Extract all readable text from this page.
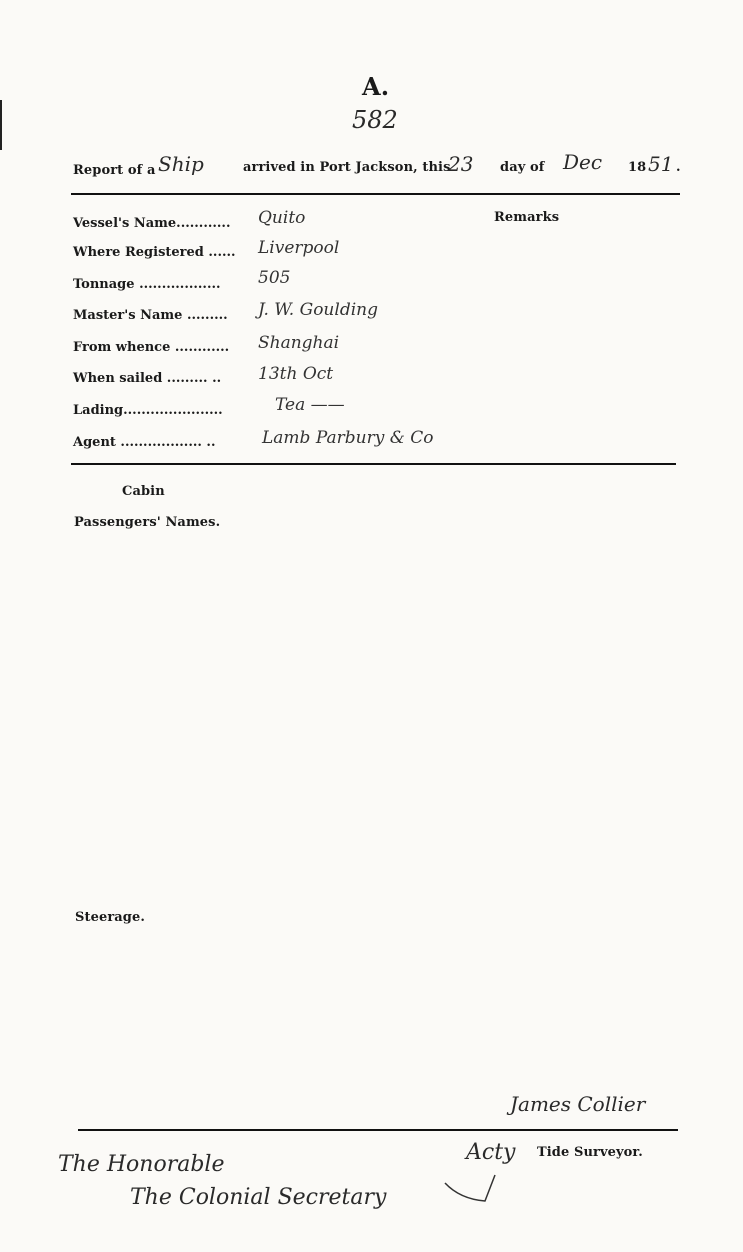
A.
582
Report of a Ship	arrived in Port Jackson, this
23 day of Dec 18 51 .
Remarks
Vessel's Name............ Quito
Where Registered ...... Liverpool
Tonnage .................. 505
Master's Name ......... J. W. Goulding
From whence ............ Shanghai
When sailed ......... .. 13th Oct
Lading......................	Tea ——
Agent .................. ..	Lamb Parbury & Co
Cabin
Passengers' Names.
Steerage.
James Collier
Acty Tide Surveyor.
The Honorable
The Colonial Secretary
